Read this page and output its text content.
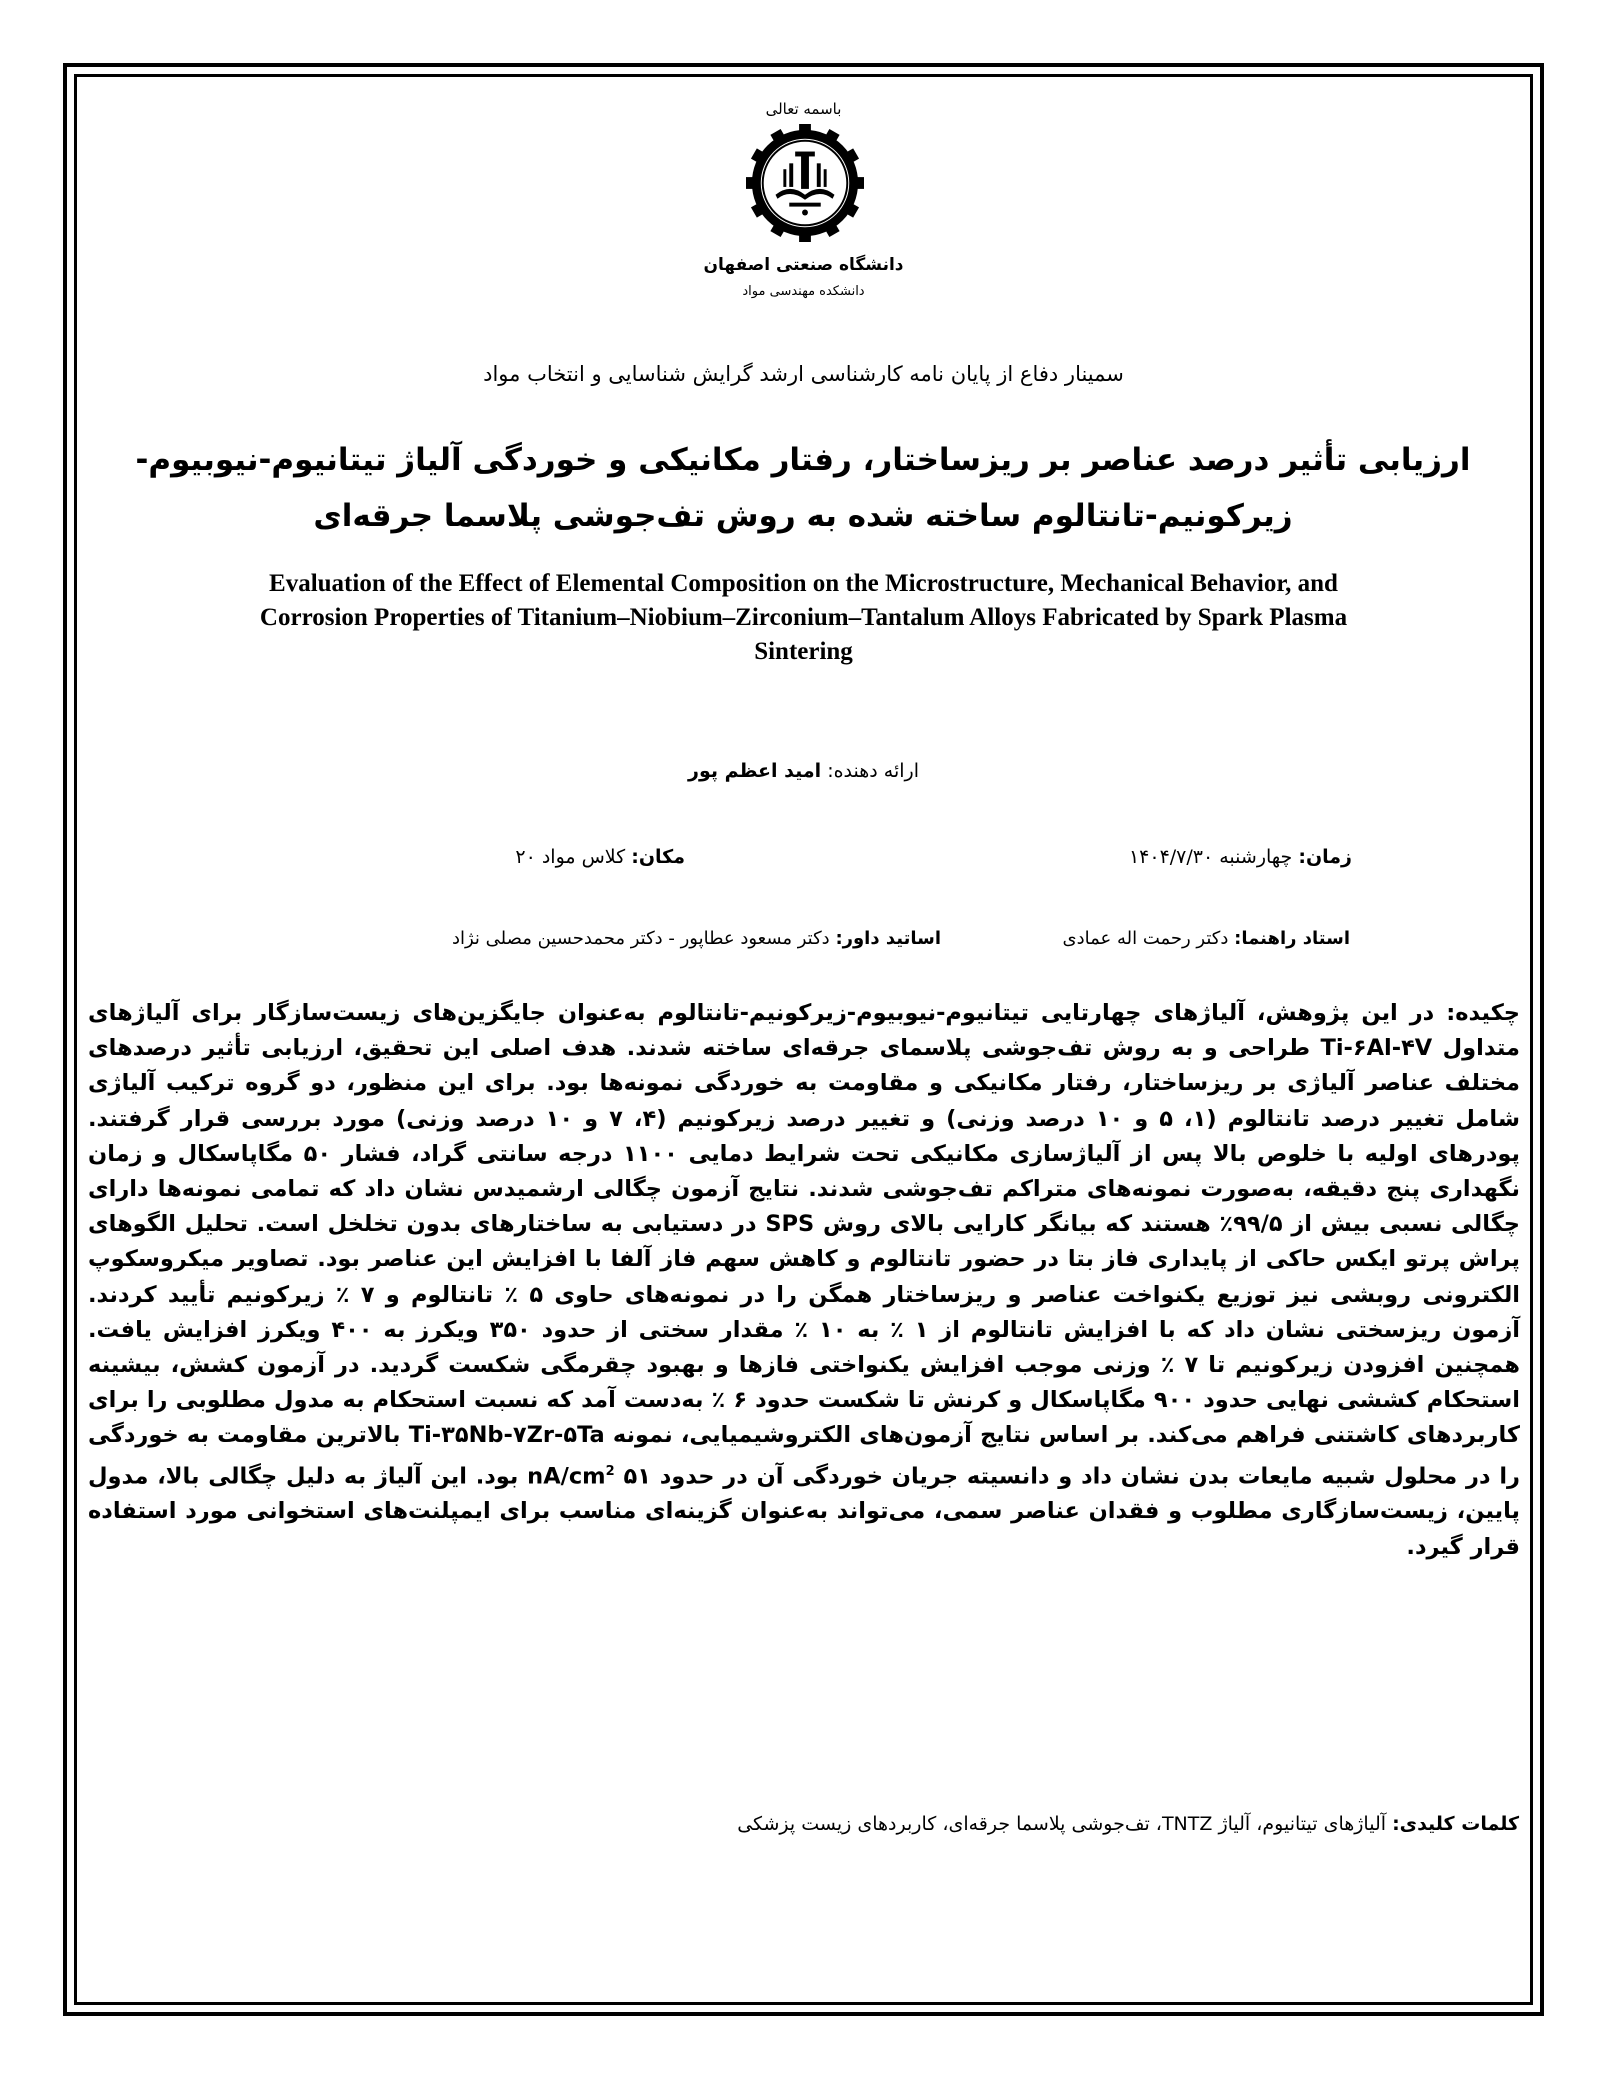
باسمه تعالی
دانشگاه صنعتی اصفهان
دانشکده مهندسی مواد
سمینار دفاع از پایان نامه کارشناسی ارشد گرایش شناسایی و انتخاب مواد
ارزیابی تأثیر درصد عناصر بر ریزساختار، رفتار مکانیکی و خوردگی آلیاژ تیتانیوم-نیوبیوم-
زیرکونیم-تانتالوم ساخته شده به روش تف‌جوشی پلاسما جرقه‌ای
Evaluation of the Effect of Elemental Composition on the Microstructure, Mechanical Behavior, and
Corrosion Properties of Titanium–Niobium–Zirconium–Tantalum Alloys Fabricated by Spark Plasma
Sintering
ارائه دهنده: امید اعظم پور
زمان: چهارشنبه ۱۴۰۴/۷/۳۰
مکان: کلاس مواد ۲۰
استاد راهنما: دکتر رحمت اله عمادی
اساتید داور: دکتر مسعود عطاپور - دکتر محمدحسین مصلی نژاد
چکیده: در این پژوهش، آلیاژهای چهارتایی تیتانیوم-نیوبیوم-زیرکونیم-تانتالوم به‌عنوان جایگزین‌های زیست‌سازگار برای آلیاژهای متداول Ti-۶Al-۴V طراحی و به روش تف‌جوشی پلاسمای جرقه‌ای ساخته شدند. هدف اصلی این تحقیق، ارزیابی تأثیر درصدهای مختلف عناصر آلیاژی بر ریزساختار، رفتار مکانیکی و مقاومت به خوردگی نمونه‌ها بود. برای این منظور، دو گروه ترکیب آلیاژی شامل تغییر درصد تانتالوم (۱، ۵ و ۱۰ درصد وزنی) و تغییر درصد زیرکونیم (۴، ۷ و ۱۰ درصد وزنی) مورد بررسی قرار گرفتند. پودرهای اولیه با خلوص بالا پس از آلیاژسازی مکانیکی تحت شرایط دمایی ۱۱۰۰ درجه سانتی گراد، فشار ۵۰ مگاپاسکال و زمان نگهداری پنج دقیقه، به‌صورت نمونه‌های متراکم تف‌جوشی شدند. نتایج آزمون چگالی ارشمیدس نشان داد که تمامی نمونه‌ها دارای چگالی نسبی بیش از ۹۹/۵٪ هستند که بیانگر کارایی بالای روش SPS در دستیابی به ساختارهای بدون تخلخل است. تحلیل الگوهای پراش پرتو ایکس حاکی از پایداری فاز بتا در حضور تانتالوم و کاهش سهم فاز آلفا با افزایش این عناصر بود. تصاویر میکروسکوپ الکترونی روبشی نیز توزیع یکنواخت عناصر و ریزساختار همگن را در نمونه‌های حاوی ۵ ٪ تانتالوم و ۷ ٪ زیرکونیم تأیید کردند. آزمون ریزسختی نشان داد که با افزایش تانتالوم از ۱ ٪ به ۱۰ ٪ مقدار سختی از حدود ۳۵۰ ویکرز به ۴۰۰ ویکرز افزایش یافت. همچنین افزودن زیرکونیم تا ۷ ٪ وزنی موجب افزایش یکنواختی فازها و بهبود چقرمگی شکست گردید. در آزمون کشش، بیشینه استحکام کششی نهایی حدود ۹۰۰ مگاپاسکال و کرنش تا شکست حدود ۶ ٪ به‌دست آمد که نسبت استحکام به مدول مطلوبی را برای کاربردهای کاشتنی فراهم می‌کند. بر اساس نتایج آزمون‌های الکتروشیمیایی، نمونه Ti-۳۵Nb-۷Zr-۵Ta بالاترین مقاومت به خوردگی را در محلول شبیه مایعات بدن نشان داد و دانسیته جریان خوردگی آن در حدود ۵۱ $nA/cm^2$ بود. این آلیاژ به دلیل چگالی بالا، مدول پایین، زیست‌سازگاری مطلوب و فقدان عناصر سمی، می‌تواند به‌عنوان گزینه‌ای مناسب برای ایمپلنت‌های استخوانی مورد استفاده قرار گیرد.
کلمات کلیدی: آلیاژهای تیتانیوم، آلیاژ TNTZ، تف‌جوشی پلاسما جرقه‌ای، کاربردهای زیست پزشکی
